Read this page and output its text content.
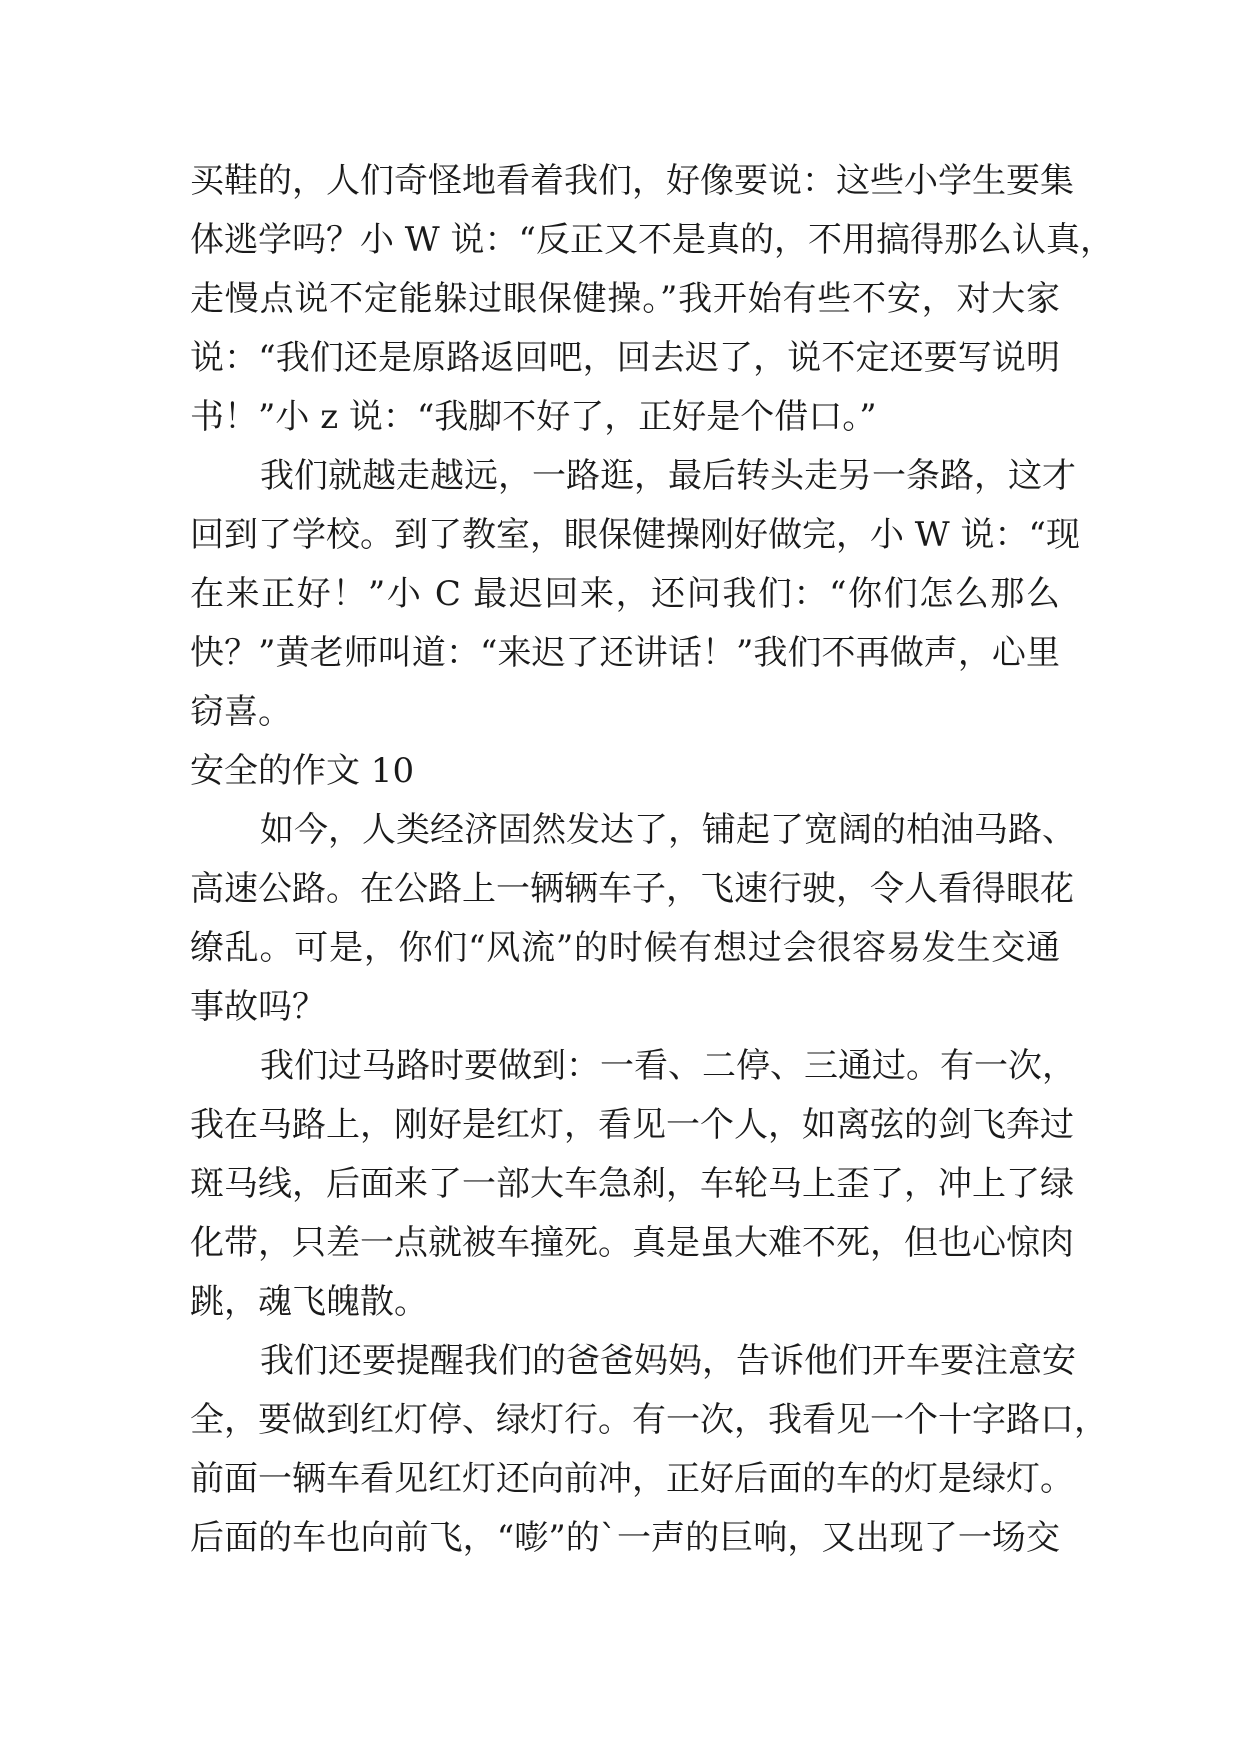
买鞋的，人们奇怪地看着我们，好像要说：这些小学生要集
体逃学吗？小 W 说：“反正又不是真的，不用搞得那么认真，
走慢点说不定能躲过眼保健操。”我开始有些不安，对大家
说：“我们还是原路返回吧，回去迟了，说不定还要写说明
书！”小 z 说：“我脚不好了，正好是个借口。”
我们就越走越远，一路逛，最后转头走另一条路，这才
回到了学校。到了教室，眼保健操刚好做完，小 W 说：“现
在来正好！”小 C 最迟回来，还问我们：“你们怎么那么
快？”黄老师叫道：“来迟了还讲话！”我们不再做声，心里
窃喜。
安全的作文 10
如今，人类经济固然发达了，铺起了宽阔的柏油马路、
高速公路。在公路上一辆辆车子，飞速行驶，令人看得眼花
缭乱。可是，你们“风流”的时候有想过会很容易发生交通
事故吗？
我们过马路时要做到：一看、二停、三通过。有一次，
我在马路上，刚好是红灯，看见一个人，如离弦的剑飞奔过
斑马线，后面来了一部大车急刹，车轮马上歪了，冲上了绿
化带，只差一点就被车撞死。真是虽大难不死，但也心惊肉
跳，魂飞魄散。
我们还要提醒我们的爸爸妈妈，告诉他们开车要注意安
全，要做到红灯停、绿灯行。有一次，我看见一个十字路口，
前面一辆车看见红灯还向前冲，正好后面的车的灯是绿灯。
后面的车也向前飞，“嘭”的`一声的巨响，又出现了一场交
